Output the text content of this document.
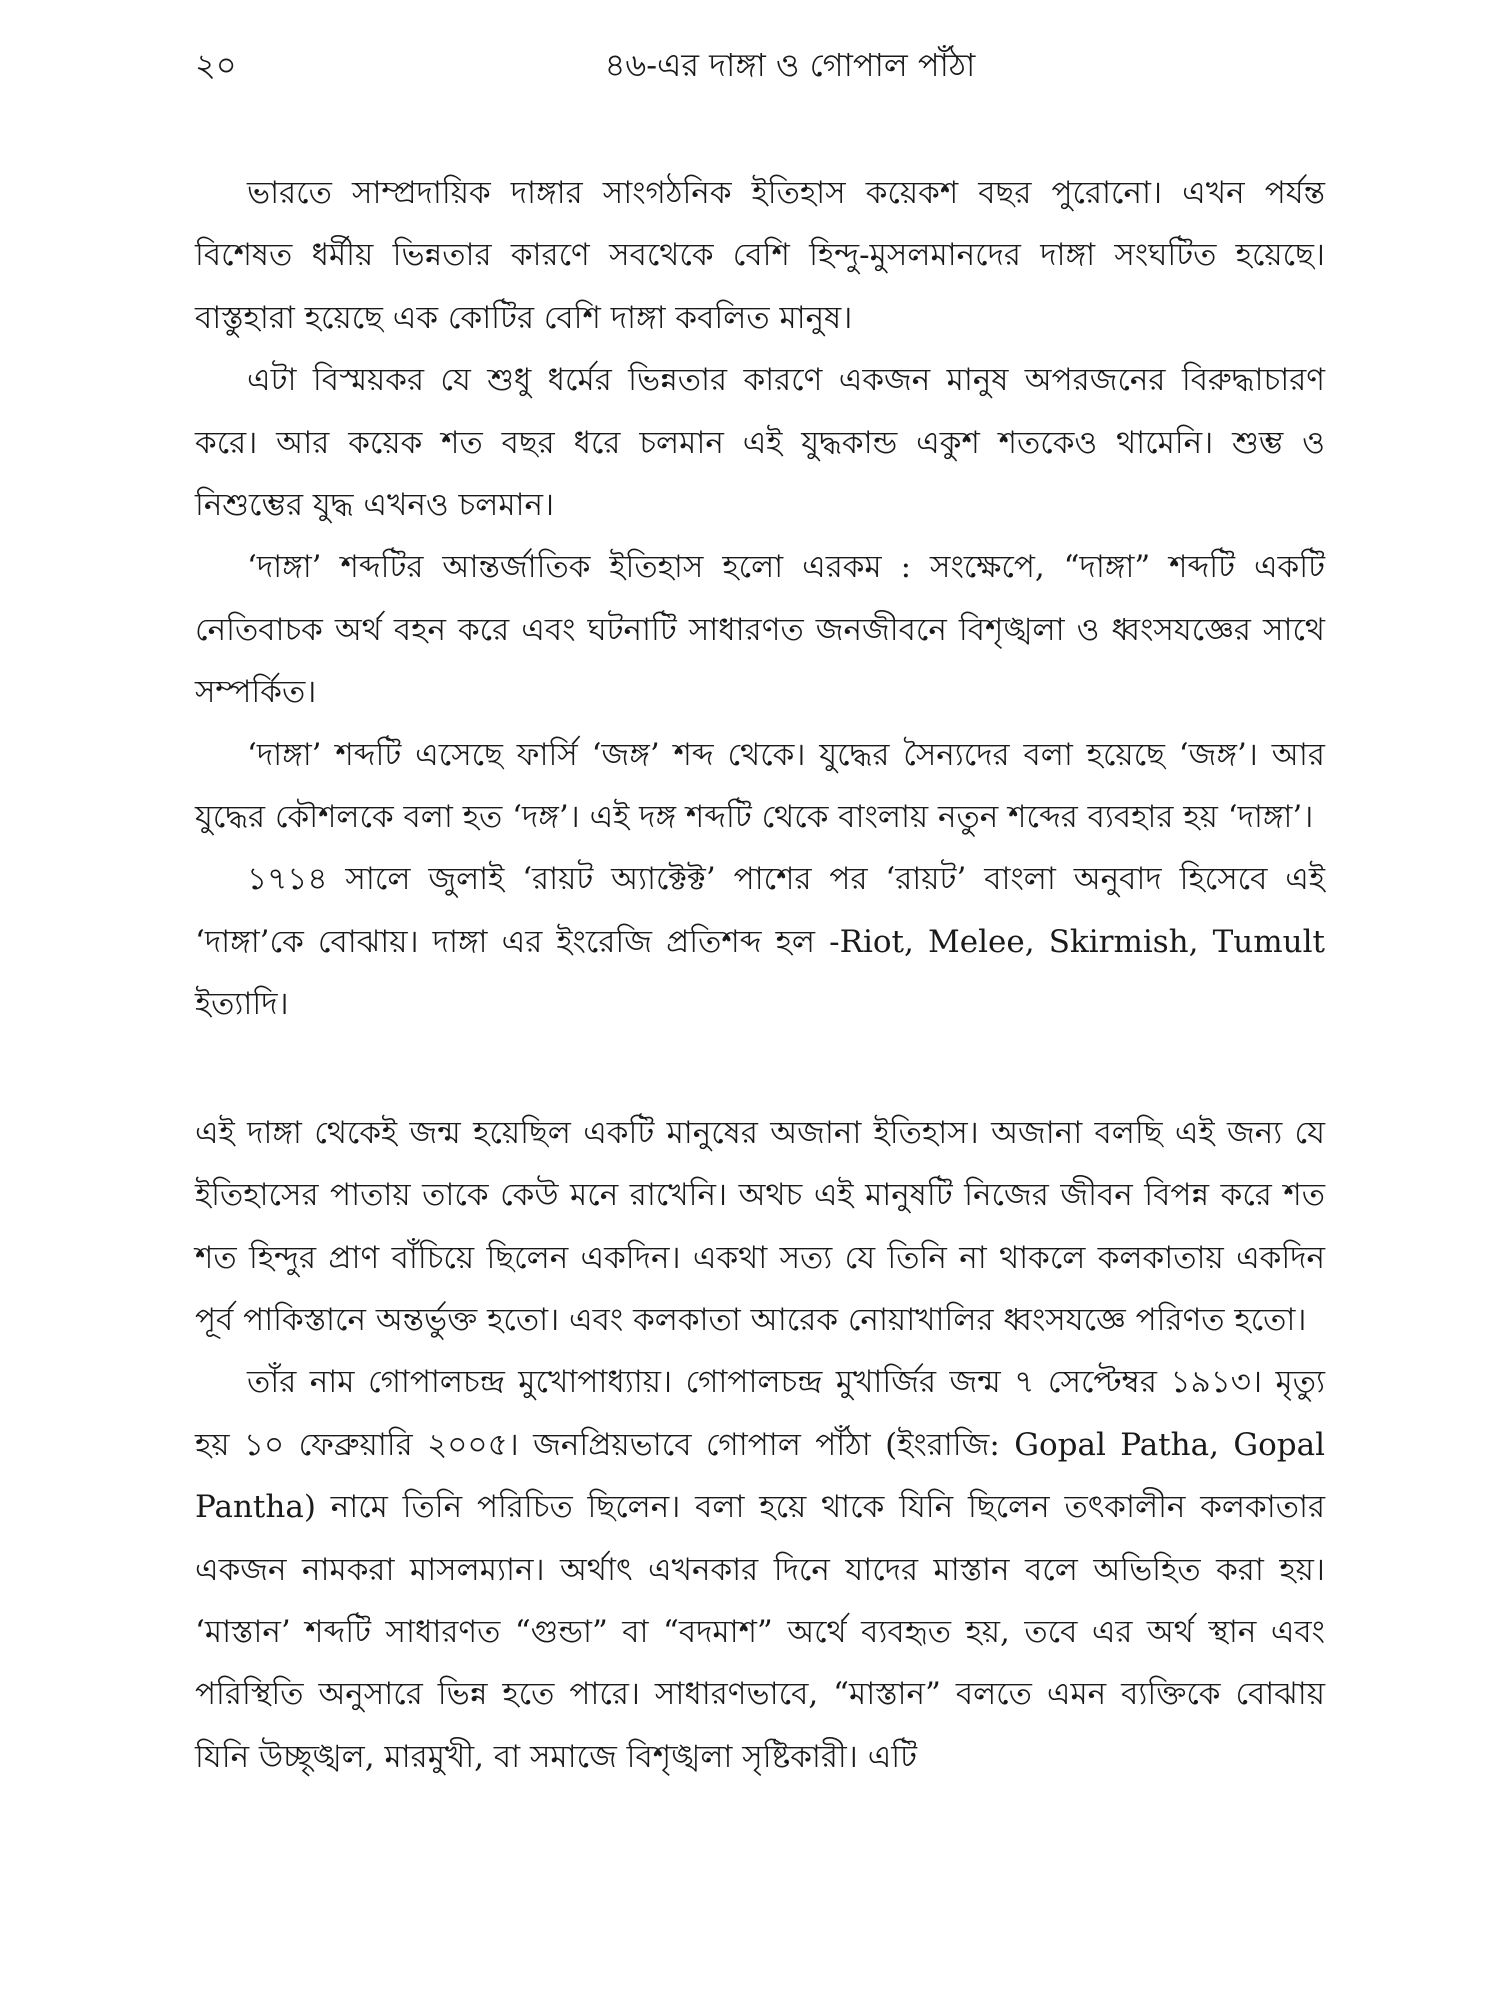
২০	৪৬-এর দাঙ্গা ও গোপাল পাঁঠা

ভারতে সাম্প্রদায়িক দাঙ্গার সাংগঠনিক ইতিহাস কয়েকশ বছর পুরোনো। এখন পর্যন্ত বিশেষত ধর্মীয় ভিন্নতার কারণে সবথেকে বেশি হিন্দু-মুসলমানদের দাঙ্গা সংঘটিত হয়েছে। বাস্তুহারা হয়েছে এক কোটির বেশি দাঙ্গা কবলিত মানুষ।

এটা বিস্ময়কর যে শুধু ধর্মের ভিন্নতার কারণে একজন মানুষ অপরজনের বিরুদ্ধাচারণ করে। আর কয়েক শত বছর ধরে চলমান এই যুদ্ধকান্ড একুশ শতকেও থামেনি। শুম্ভ ও নিশুম্ভের যুদ্ধ এখনও চলমান।

‘দাঙ্গা’ শব্দটির আন্তর্জাতিক ইতিহাস হলো এরকম : সংক্ষেপে, “দাঙ্গা” শব্দটি একটি নেতিবাচক অর্থ বহন করে এবং ঘটনাটি সাধারণত জনজীবনে বিশৃঙ্খলা ও ধ্বংসযজ্ঞের সাথে সম্পর্কিত।

‘দাঙ্গা’ শব্দটি এসেছে ফার্সি ‘জঙ্গ’ শব্দ থেকে। যুদ্ধের সৈন্যদের বলা হয়েছে ‘জঙ্গ’। আর যুদ্ধের কৌশলকে বলা হত ‘দঙ্গ’। এই দঙ্গ শব্দটি থেকে বাংলায় নতুন শব্দের ব্যবহার হয় ‘দাঙ্গা’।

১৭১৪ সালে জুলাই ‘রায়ট অ্যাক্টেক্ট’ পাশের পর ‘রায়ট’ বাংলা অনুবাদ হিসেবে এই ‘দাঙ্গা’কে বোঝায়। দাঙ্গা এর ইংরেজি প্রতিশব্দ হল -Riot, Melee, Skirmish, Tumult ইত্যাদি।

এই দাঙ্গা থেকেই জন্ম হয়েছিল একটি মানুষের অজানা ইতিহাস। অজানা বলছি এই জন্য যে ইতিহাসের পাতায় তাকে কেউ মনে রাখেনি। অথচ এই মানুষটি নিজের জীবন বিপন্ন করে শত শত হিন্দুর প্রাণ বাঁচিয়ে ছিলেন একদিন। একথা সত্য যে তিনি না থাকলে কলকাতায় একদিন পূর্ব পাকিস্তানে অন্তর্ভুক্ত হতো। এবং কলকাতা আরেক নোয়াখালির ধ্বংসযজ্ঞে পরিণত হতো।

তাঁর নাম গোপালচন্দ্র মুখোপাধ্যায়। গোপালচন্দ্র মুখার্জির জন্ম ৭ সেপ্টেম্বর ১৯১৩। মৃত্যু হয় ১০ ফেব্রুয়ারি ২০০৫। জনপ্রিয়ভাবে গোপাল পাঁঠা (ইংরাজি: Gopal Patha, Gopal Pantha) নামে তিনি পরিচিত ছিলেন। বলা হয়ে থাকে যিনি ছিলেন তৎকালীন কলকাতার একজন নামকরা মাসলম্যান। অর্থাৎ এখনকার দিনে যাদের মাস্তান বলে অভিহিত করা হয়। ‘মাস্তান’ শব্দটি সাধারণত “গুন্ডা” বা “বদমাশ” অর্থে ব্যবহৃত হয়, তবে এর অর্থ স্থান এবং পরিস্থিতি অনুসারে ভিন্ন হতে পারে। সাধারণভাবে, “মাস্তান” বলতে এমন ব্যক্তিকে বোঝায় যিনি উচ্ছৃঙ্খল, মারমুখী, বা সমাজে বিশৃঙ্খলা সৃষ্টিকারী। এটি
